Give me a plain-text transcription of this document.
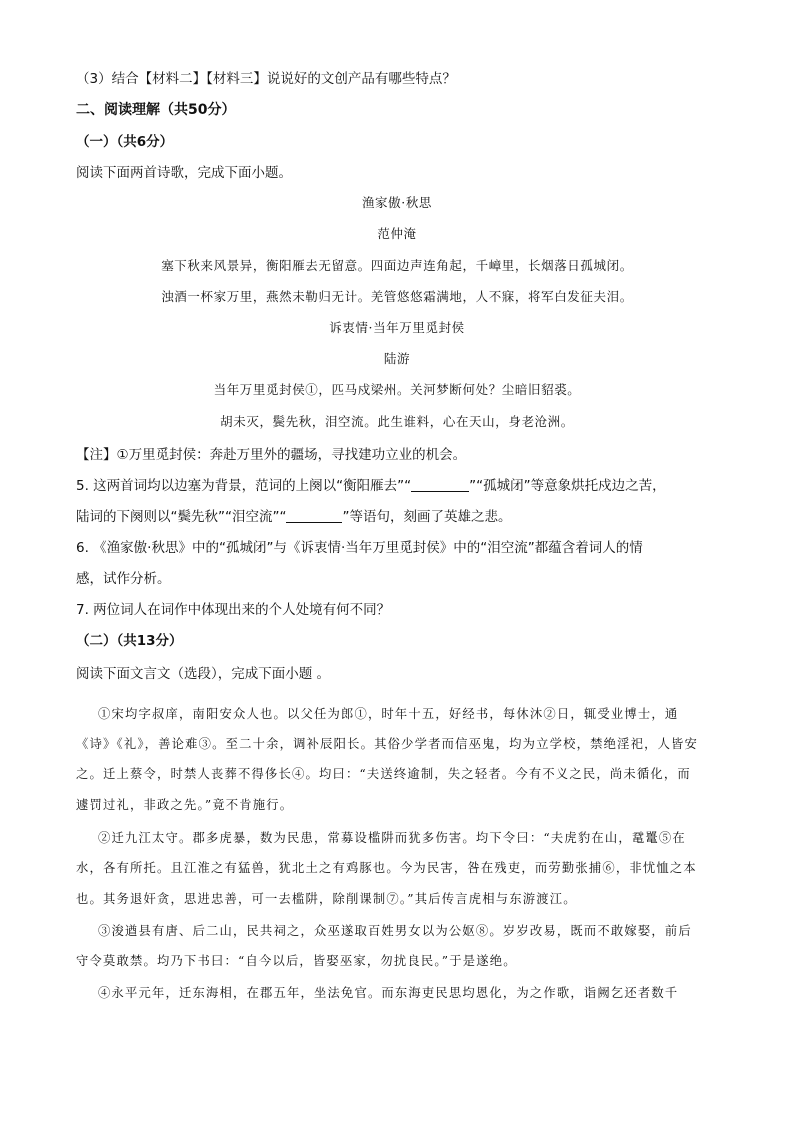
（3）结合【材料二】【材料三】说说好的文创产品有哪些特点？
二、阅读理解（共50分）
（一）（共6分）
阅读下面两首诗歌，完成下面小题。
渔家傲·秋思
范仲淹
塞下秋来风景异，衡阳雁去无留意。四面边声连角起，千嶂里，长烟落日孤城闭。
浊酒一杯家万里，燕然未勒归无计。羌管悠悠霜满地，人不寐，将军白发征夫泪。
诉衷情·当年万里觅封侯
陆游
当年万里觅封侯①，匹马戍梁州。关河梦断何处？尘暗旧貂裘。
胡未灭，鬓先秋，泪空流。此生谁料，心在天山，身老沧洲。
【注】①万里觅封侯：奔赴万里外的疆场，寻找建功立业的机会。
5. 这两首词均以边塞为背景，范词的上阕以“衡阳雁去”“	”“孤城闭”等意象烘托戍边之苦，
陆词的下阕则以“鬓先秋”“泪空流”“	”等语句，刻画了英雄之悲。
6. 《渔家傲·秋思》中的“孤城闭”与《诉衷情·当年万里觅封侯》中的“泪空流”都蕴含着词人的情
感，试作分析。
7. 两位词人在词作中体现出来的个人处境有何不同？
（二）（共13分）
阅读下面文言文（选段），完成下面小题 。
①宋均字叔庠，南阳安众人也。以父任为郎①，时年十五，好经书，每休沐②日，辄受业博士，通
《诗》《礼》，善论难③。至二十余，调补辰阳长。其俗少学者而信巫鬼，均为立学校，禁绝淫祀，人皆安
之。迁上蔡令，时禁人丧葬不得侈长④。均曰：“夫送终逾制，失之轻者。今有不义之民，尚未循化，而
遽罚过礼，非政之先。”竟不肯施行。
②迁九江太守。郡多虎暴，数为民患，常募设槛阱而犹多伤害。均下令曰：“夫虎豹在山，鼋鼍⑤在
水，各有所托。且江淮之有猛兽，犹北土之有鸡豚也。今为民害，咎在残吏，而劳勤张捕⑥，非忧恤之本
也。其务退奸贪，思进忠善，可一去槛阱，除削课制⑦。”其后传言虎相与东游渡江。
③浚遒县有唐、后二山，民共祠之，众巫遂取百姓男女以为公妪⑧。岁岁改易，既而不敢嫁娶，前后
守令莫敢禁。均乃下书曰：“自今以后，皆娶巫家，勿扰良民。”于是遂绝。
④永平元年，迁东海相，在郡五年，坐法免官。而东海吏民思均恩化，为之作歌，诣阙乞还者数千
